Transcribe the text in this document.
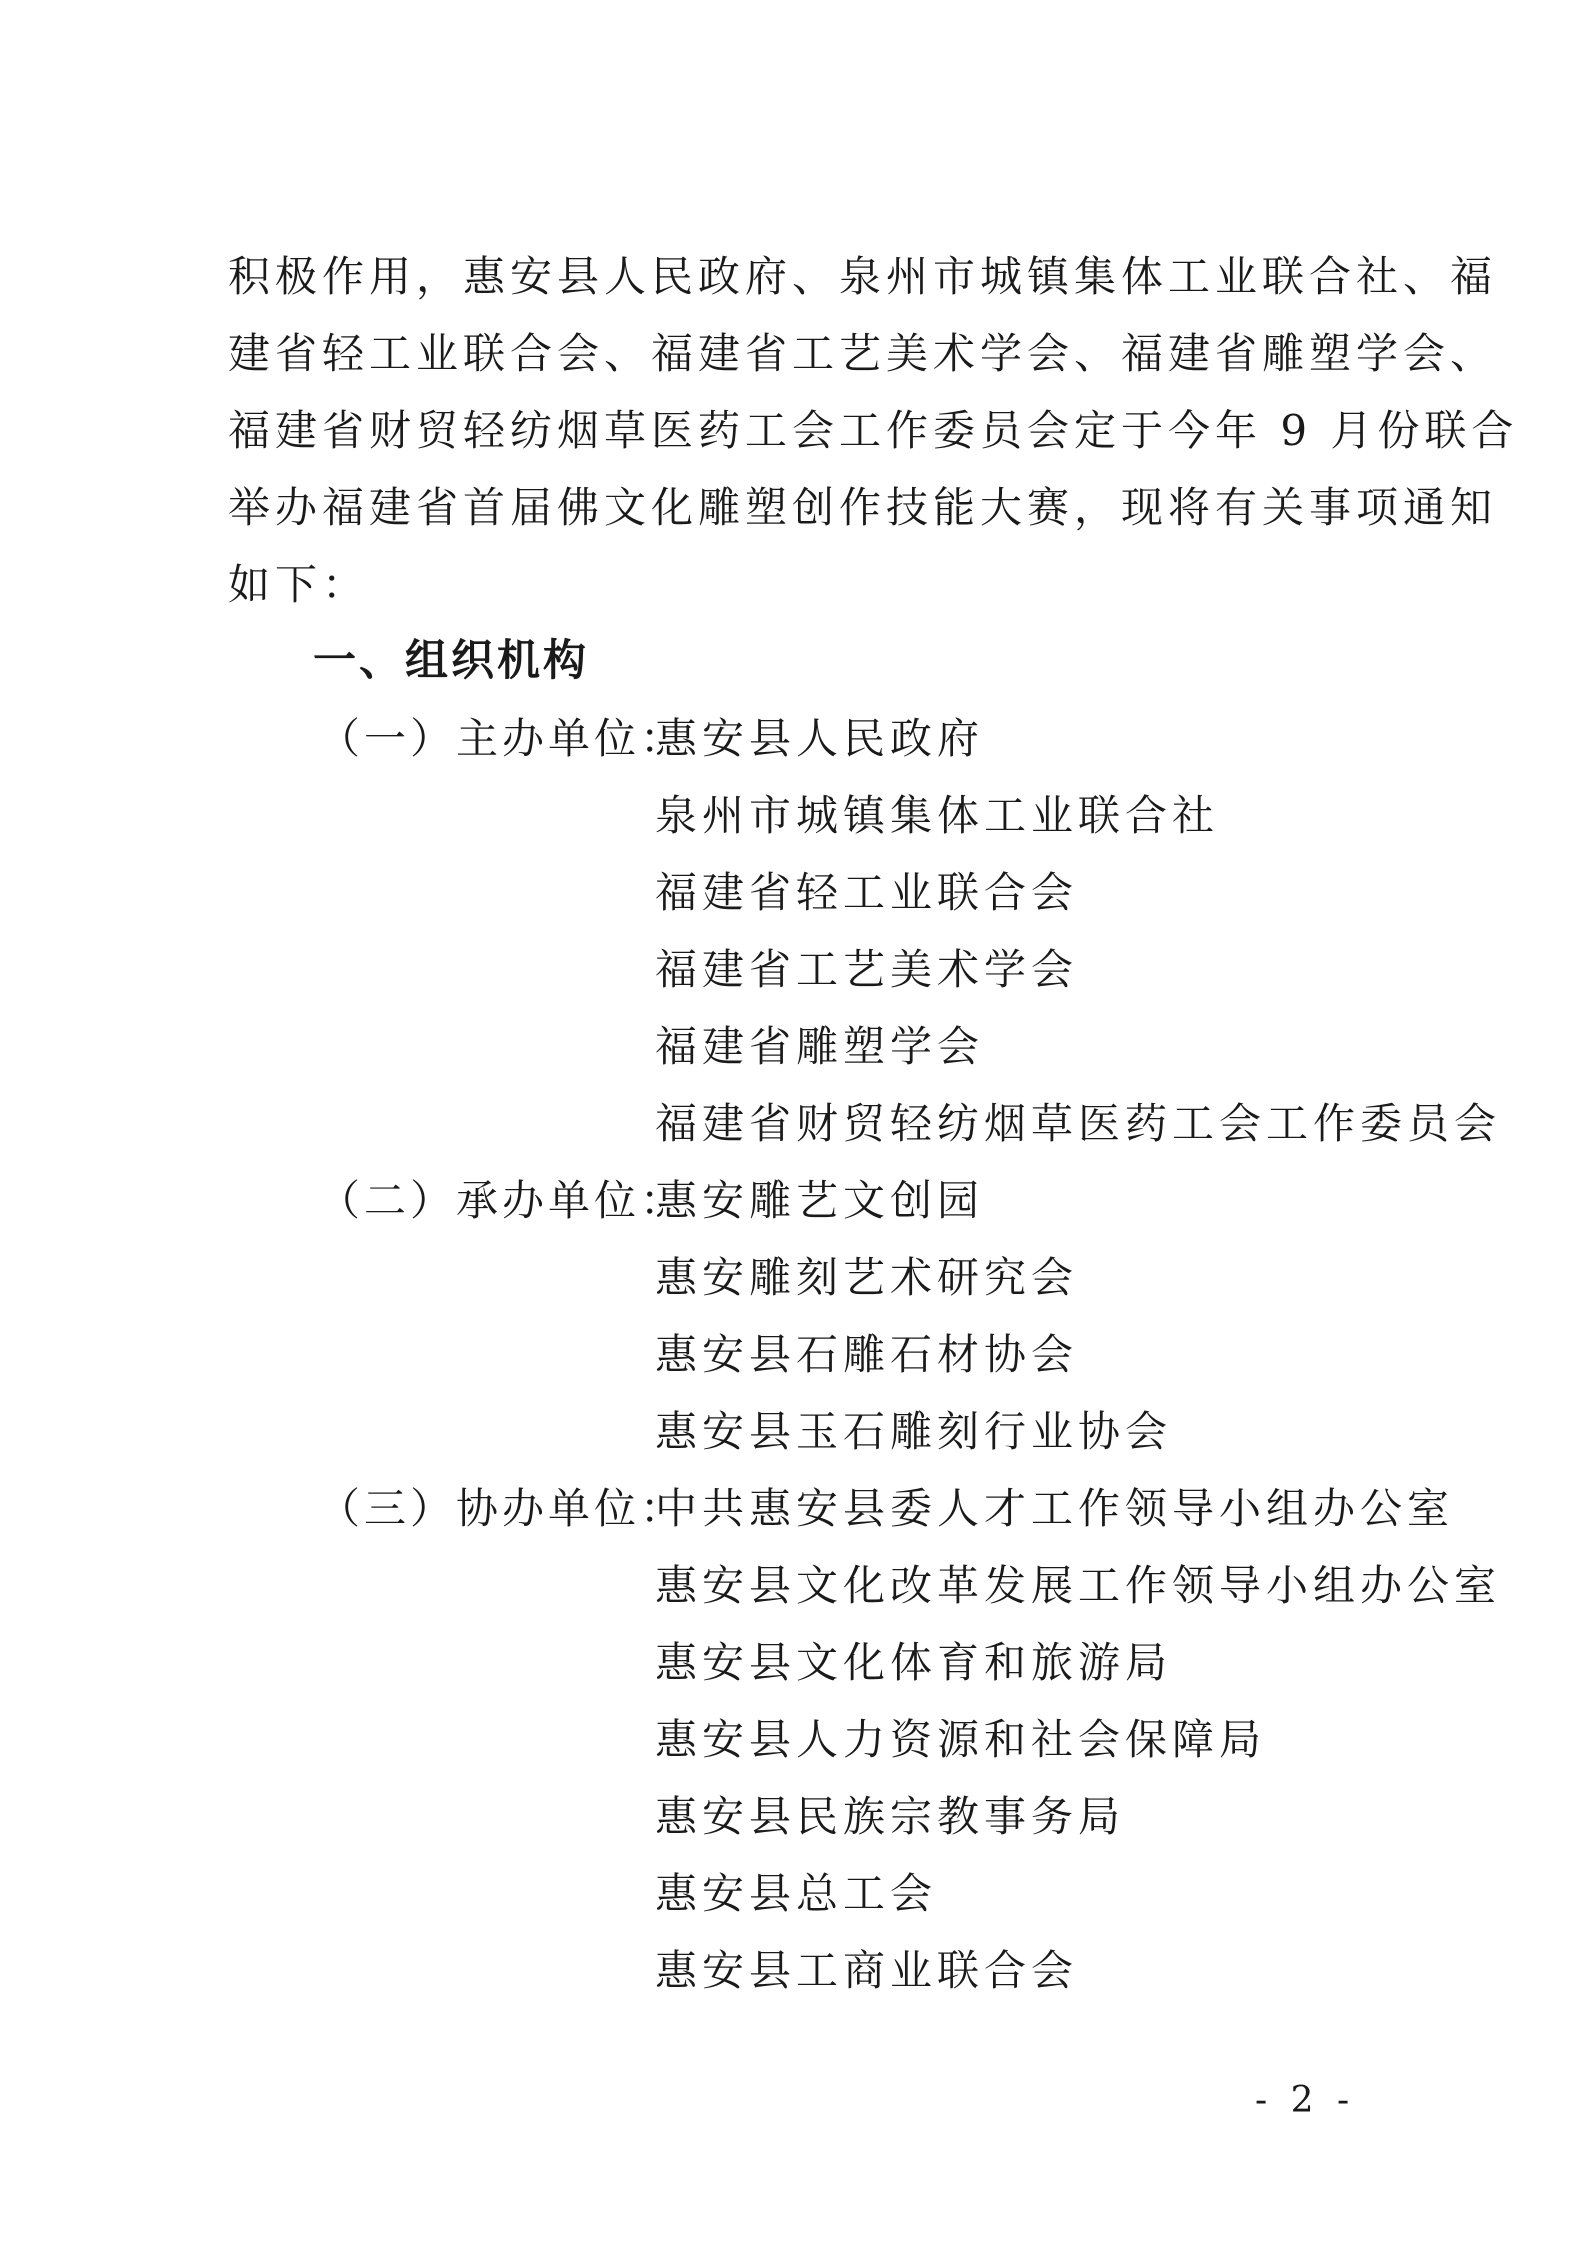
积极作用，惠安县人民政府、泉州市城镇集体工业联合社、福
建省轻工业联合会、福建省工艺美术学会、福建省雕塑学会、
福建省财贸轻纺烟草医药工会工作委员会定于今年 9 月份联合
举办福建省首届佛文化雕塑创作技能大赛，现将有关事项通知
如下：
一、组织机构
（一）主办单位：
惠安县人民政府
泉州市城镇集体工业联合社
福建省轻工业联合会
福建省工艺美术学会
福建省雕塑学会
福建省财贸轻纺烟草医药工会工作委员会
（二）承办单位：
惠安雕艺文创园
惠安雕刻艺术研究会
惠安县石雕石材协会
惠安县玉石雕刻行业协会
（三）协办单位：
中共惠安县委人才工作领导小组办公室
惠安县文化改革发展工作领导小组办公室
惠安县文化体育和旅游局
惠安县人力资源和社会保障局
惠安县民族宗教事务局
惠安县总工会
惠安县工商业联合会
- 2 -
